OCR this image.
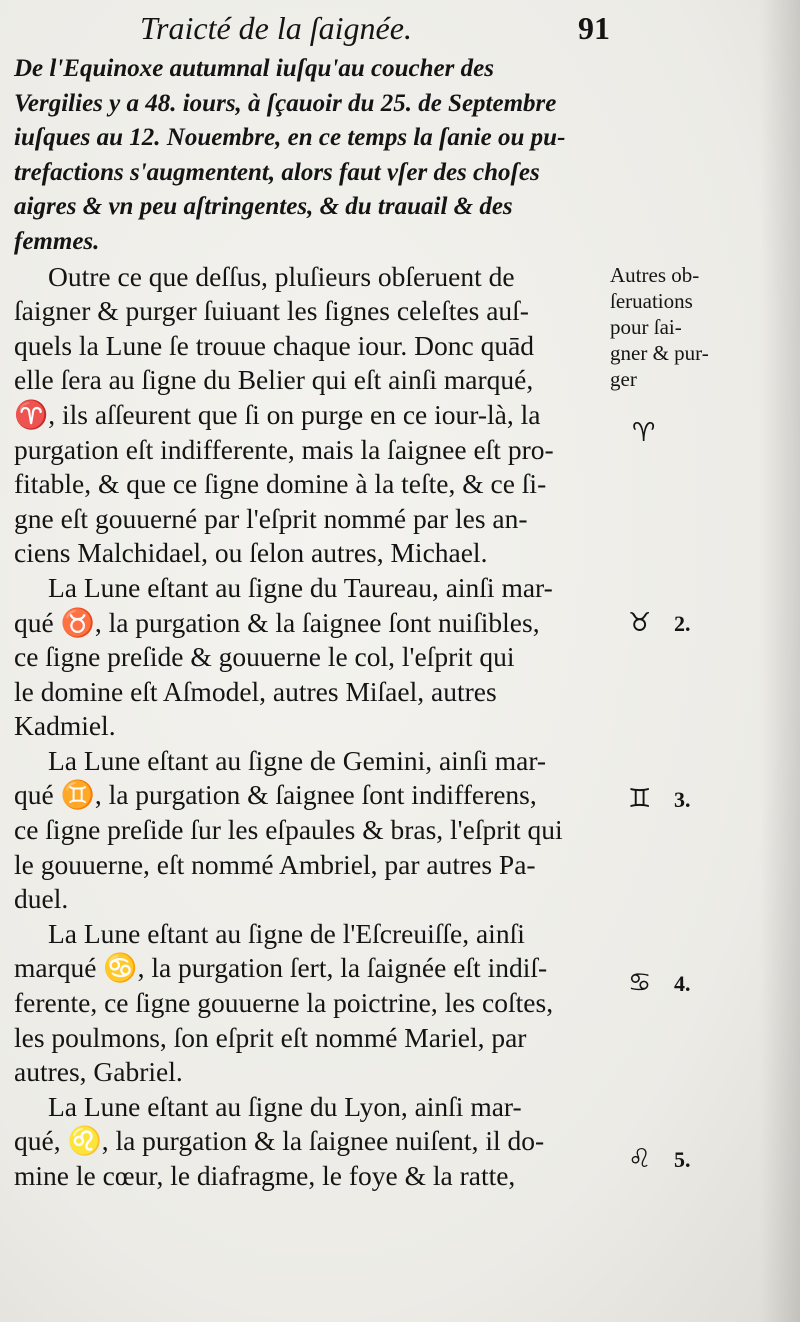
Traicté de la ſaignée.	91
De l'Equinoxe autumnal iuſqu'au coucher des
Vergilies y a 48. iours, à ſçauoir du 25. de Septembre
iuſques au 12. Nouembre, en ce temps la ſanie ou pu-
trefactions s'augmentent, alors faut vſer des choſes
aigres & vn peu aſtringentes, & du trauail & des
femmes.
Outre ce que deſſus, pluſieurs obſeruent de
ſaigner & purger ſuiuant les ſignes celeſtes auſ-
quels la Lune ſe trouue chaque iour. Donc quād
elle ſera au ſigne du Belier qui eſt ainſi marqué,
♈, ils aſſeurent que ſi on purge en ce iour-là, la
purgation eſt indifferente, mais la ſaignee eſt pro-
fitable, & que ce ſigne domine à la teſte, & ce ſi-
gne eſt gouuerné par l'eſprit nommé par les an-
ciens Malchidael, ou ſelon autres, Michael.
La Lune eſtant au ſigne du Taureau, ainſi mar-
qué ♉, la purgation & la ſaignee ſont nuiſibles,
ce ſigne preſide & gouuerne le col, l'eſprit qui
le domine eſt Aſmodel, autres Miſael, autres
Kadmiel.
La Lune eſtant au ſigne de Gemini, ainſi mar-
qué ♊, la purgation & ſaignee ſont indifferens,
ce ſigne preſide ſur les eſpaules & bras, l'eſprit qui
le gouuerne, eſt nommé Ambriel, par autres Pa-
duel.
La Lune eſtant au ſigne de l'Eſcreuiſſe, ainſi
marqué ♋, la purgation ſert, la ſaignée eſt indiſ-
ferente, ce ſigne gouuerne la poictrine, les coſtes,
les poulmons, ſon eſprit eſt nommé Mariel, par
autres, Gabriel.
La Lune eſtant au ſigne du Lyon, ainſi mar-
qué, ♌, la purgation & la ſaignee nuiſent, il do-
mine le cœur, le diafragme, le foye & la ratte,
Autres ob-
ſeruations
pour ſai-
gner & pur-
ger
♈
♉ 2.
♊ 3.
♋ 4.
♌ 5.
